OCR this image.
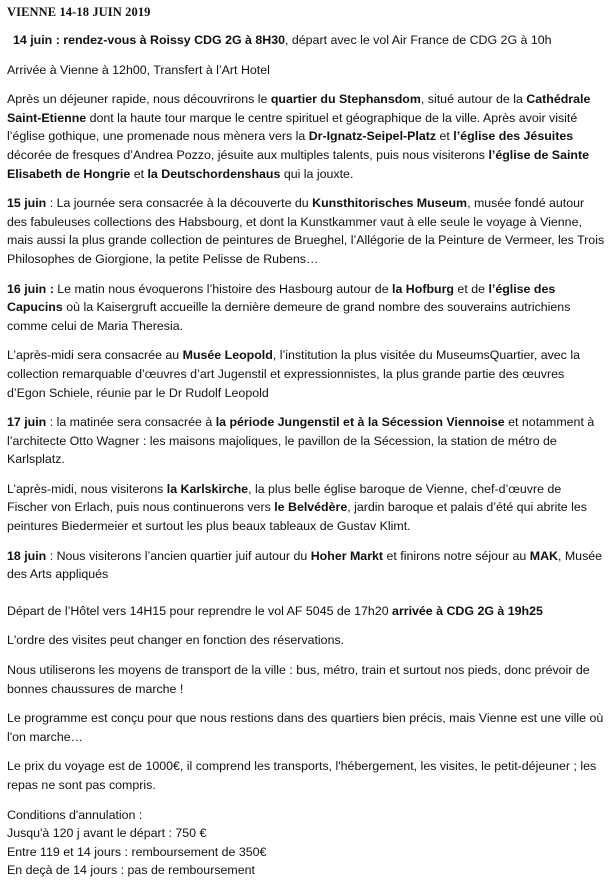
VIENNE 14-18 JUIN 2019

14 juin : rendez-vous à Roissy CDG 2G à 8H30, départ avec le vol Air France de CDG 2G à 10h

Arrivée à Vienne à 12h00, Transfert à l’Art Hotel

Après un déjeuner rapide, nous découvrirons le quartier du Stephansdom, situé autour de la Cathédrale Saint-Etienne dont la haute tour marque le centre spirituel et géographique de la ville. Après avoir visité l’église gothique, une promenade nous mènera vers la Dr-Ignatz-Seipel-Platz et l’église des Jésuites décorée de fresques d’Andrea Pozzo, jésuite aux multiples talents, puis nous visiterons l’église de Sainte Elisabeth de Hongrie et la Deutschordenshaus qui la jouxte.

15 juin : La journée sera consacrée à la découverte du Kunsthitorisches Museum, musée fondé autour des fabuleuses collections des Habsbourg, et dont la Kunstkammer vaut à elle seule le voyage à Vienne, mais aussi la plus grande collection de peintures de Brueghel, l’Allégorie de la Peinture de Vermeer, les Trois Philosophes de Giorgione, la petite Pelisse de Rubens…

16 juin : Le matin nous évoquerons l’histoire des Hasbourg autour de la Hofburg et de l’église des Capucins où la Kaisergruft accueille la dernière demeure de grand nombre des souverains autrichiens comme celui de Maria Theresia.

L’après-midi sera consacrée au Musée Leopold, l’institution la plus visitée du MuseumsQuartier, avec la collection remarquable d’œuvres d’art Jugenstil et expressionnistes, la plus grande partie des œuvres d’Egon Schiele, réunie par le Dr Rudolf Leopold

17 juin : la matinée sera consacrée à la période Jungenstil et à la Sécession Viennoise et notamment à l’architecte Otto Wagner : les maisons majoliques, le pavillon de la Sécession, la station de métro de Karlsplatz.

L’après-midi, nous visiterons la Karlskirche, la plus belle église baroque de Vienne, chef-d’œuvre de Fischer von Erlach, puis nous continuerons vers le Belvédère, jardin baroque et palais d’été qui abrite les peintures Biedermeier et surtout les plus beaux tableaux de Gustav Klimt.

18 juin : Nous visiterons l’ancien quartier juif autour du Hoher Markt et finirons notre séjour au MAK, Musée des Arts appliqués

Départ de l’Hôtel vers 14H15 pour reprendre le vol AF 5045 de 17h20 arrivée à CDG 2G à 19h25

L'ordre des visites peut changer en fonction des réservations.

Nous utiliserons les moyens de transport de la ville : bus, métro, train et surtout nos pieds, donc prévoir de bonnes chaussures de marche !

Le programme est conçu pour que nous restions dans des quartiers bien précis, mais Vienne est une ville où l'on marche…

Le prix du voyage est de 1000€, il comprend les transports, l'hébergement, les visites, le petit-déjeuner ; les repas ne sont pas compris.

Conditions d'annulation :

Jusqu'à 120 j avant le départ : 750 €

Entre 119 et 14 jours : remboursement de 350€

En deçà de 14 jours : pas de remboursement
